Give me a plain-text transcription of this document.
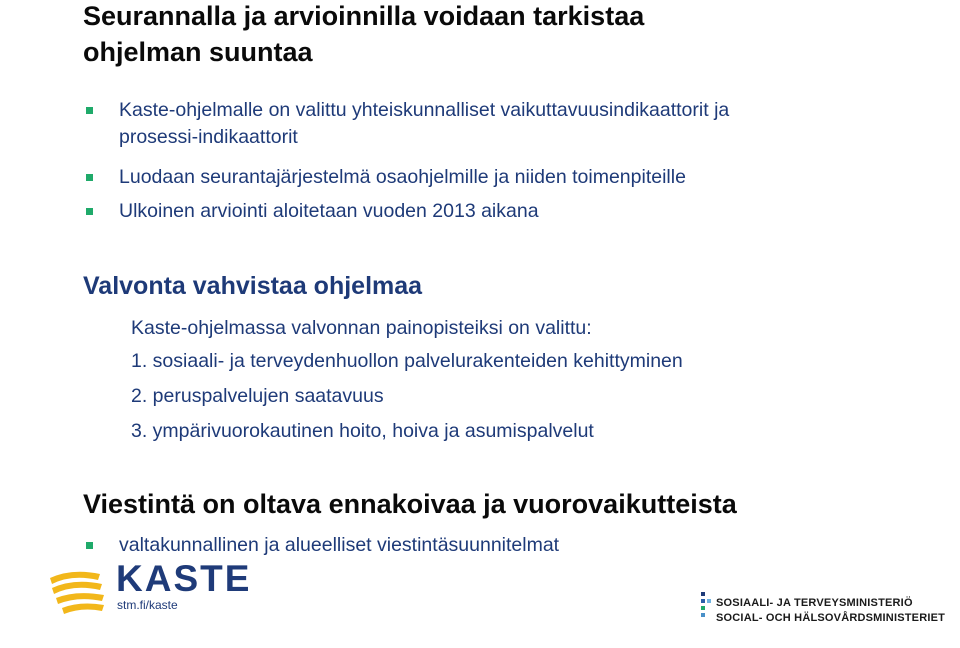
Seurannalla ja arvioinnilla voidaan tarkistaa
ohjelman suuntaa
Kaste-ohjelmalle on valittu yhteiskunnalliset vaikuttavuusindikaattorit ja
prosessi-indikaattorit
Luodaan seurantajärjestelmä osaohjelmille ja niiden toimenpiteille
Ulkoinen arviointi aloitetaan vuoden 2013 aikana
Valvonta vahvistaa ohjelmaa
Kaste-ohjelmassa valvonnan painopisteiksi on valittu:
1. sosiaali- ja terveydenhuollon palvelurakenteiden kehittyminen
2. peruspalvelujen saatavuus
3. ympärivuorokautinen hoito, hoiva ja asumispalvelut
Viestintä on oltava ennakoivaa ja vuorovaikutteista
valtakunnallinen ja alueelliset viestintäsuunnitelmat
KASTE
stm.fi/kaste	SOSIAALI- JA TERVEYSMINISTERIÖ
SOCIAL- OCH HÄLSOVÅRDSMINISTERIET
